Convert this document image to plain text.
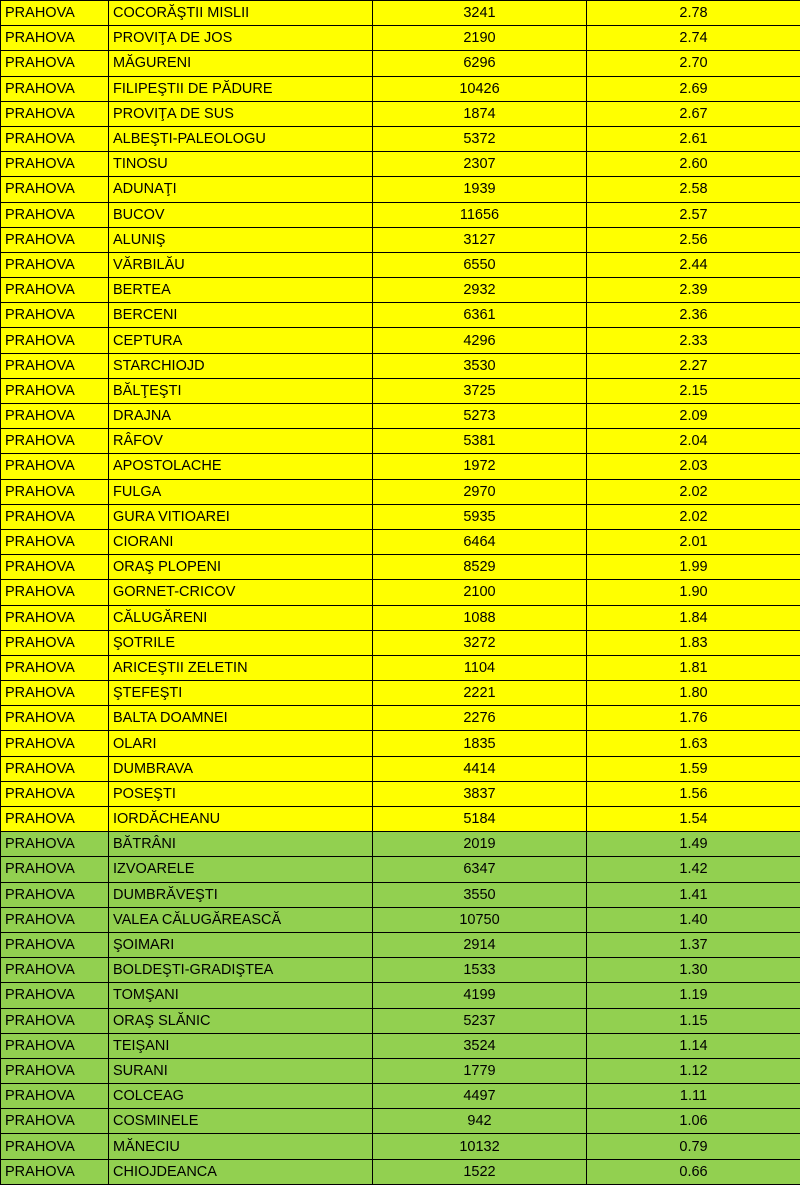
PRAHOVA	COCORĂŞTII MISLII	3241	2.78
PRAHOVA	PROVIŢA DE JOS	2190	2.74
PRAHOVA	MĂGURENI	6296	2.70
PRAHOVA	FILIPEŞTII DE PĂDURE	10426	2.69
PRAHOVA	PROVIŢA DE SUS	1874	2.67
PRAHOVA	ALBEŞTI-PALEOLOGU	5372	2.61
PRAHOVA	TINOSU	2307	2.60
PRAHOVA	ADUNAŢI	1939	2.58
PRAHOVA	BUCOV	11656	2.57
PRAHOVA	ALUNIŞ	3127	2.56
PRAHOVA	VĂRBILĂU	6550	2.44
PRAHOVA	BERTEA	2932	2.39
PRAHOVA	BERCENI	6361	2.36
PRAHOVA	CEPTURA	4296	2.33
PRAHOVA	STARCHIOJD	3530	2.27
PRAHOVA	BĂLŢEŞTI	3725	2.15
PRAHOVA	DRAJNA	5273	2.09
PRAHOVA	RÂFOV	5381	2.04
PRAHOVA	APOSTOLACHE	1972	2.03
PRAHOVA	FULGA	2970	2.02
PRAHOVA	GURA VITIOAREI	5935	2.02
PRAHOVA	CIORANI	6464	2.01
PRAHOVA	ORAŞ PLOPENI	8529	1.99
PRAHOVA	GORNET-CRICOV	2100	1.90
PRAHOVA	CĂLUGĂRENI	1088	1.84
PRAHOVA	ŞOTRILE	3272	1.83
PRAHOVA	ARICEŞTII ZELETIN	1104	1.81
PRAHOVA	ŞTEFEŞTI	2221	1.80
PRAHOVA	BALTA DOAMNEI	2276	1.76
PRAHOVA	OLARI	1835	1.63
PRAHOVA	DUMBRAVA	4414	1.59
PRAHOVA	POSEŞTI	3837	1.56
PRAHOVA	IORDĂCHEANU	5184	1.54
PRAHOVA	BĂTRÂNI	2019	1.49
PRAHOVA	IZVOARELE	6347	1.42
PRAHOVA	DUMBRĂVEŞTI	3550	1.41
PRAHOVA	VALEA CĂLUGĂREASCĂ	10750	1.40
PRAHOVA	ŞOIMARI	2914	1.37
PRAHOVA	BOLDEŞTI-GRADIŞTEA	1533	1.30
PRAHOVA	TOMŞANI	4199	1.19
PRAHOVA	ORAŞ SLĂNIC	5237	1.15
PRAHOVA	TEIŞANI	3524	1.14
PRAHOVA	SURANI	1779	1.12
PRAHOVA	COLCEAG	4497	1.11
PRAHOVA	COSMINELE	942	1.06
PRAHOVA	MĂNECIU	10132	0.79
PRAHOVA	CHIOJDEANCA	1522	0.66
